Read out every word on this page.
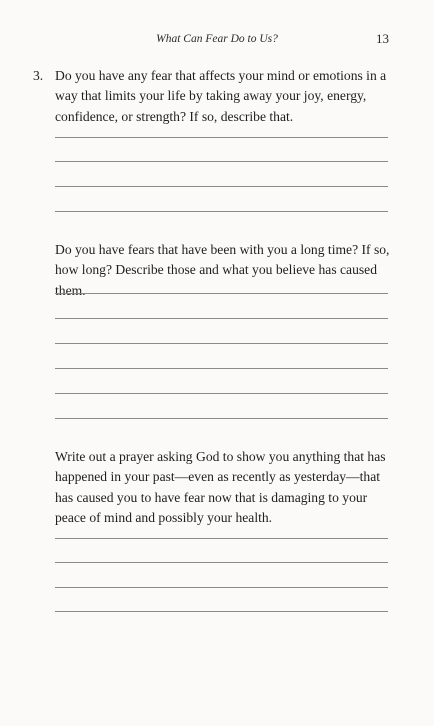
What Can Fear Do to Us?	13
3. Do you have any fear that affects your mind or emotions in a way that limits your life by taking away your joy, energy, confidence, or strength? If so, describe that.

Do you have fears that have been with you a long time? If so, how long? Describe those and what you believe has caused them.

Write out a prayer asking God to show you anything that has happened in your past—even as recently as yesterday—that has caused you to have fear now that is damaging to your peace of mind and possibly your health.
